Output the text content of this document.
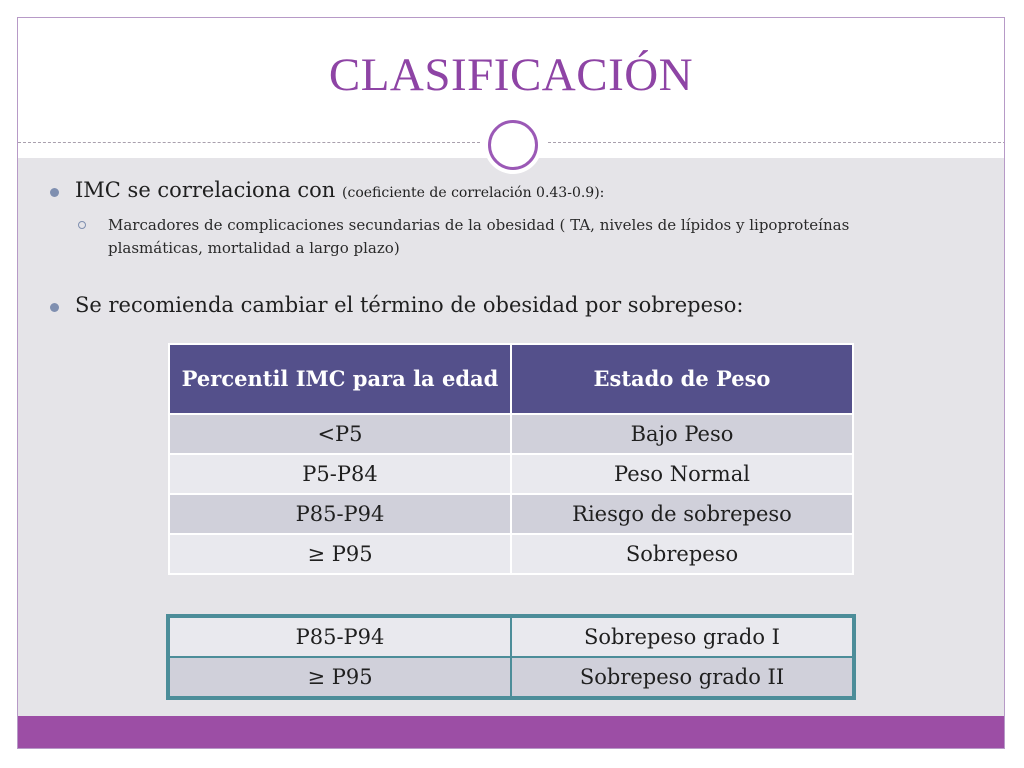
CLASIFICACIÓN
IMC se correlaciona con (coeficiente de correlación 0.43-0.9):
Marcadores de complicaciones secundarias de la obesidad ( TA, niveles de lípidos y lipoproteínas plasmáticas, mortalidad a largo plazo)
Se recomienda cambiar el término de obesidad por sobrepeso:
Percentil IMC para la edad	Estado de Peso
<P5	Bajo Peso
P5-P84	Peso Normal
P85-P94	Riesgo de sobrepeso
≥ P95	Sobrepeso
P85-P94	Sobrepeso grado I
≥ P95	Sobrepeso grado II
